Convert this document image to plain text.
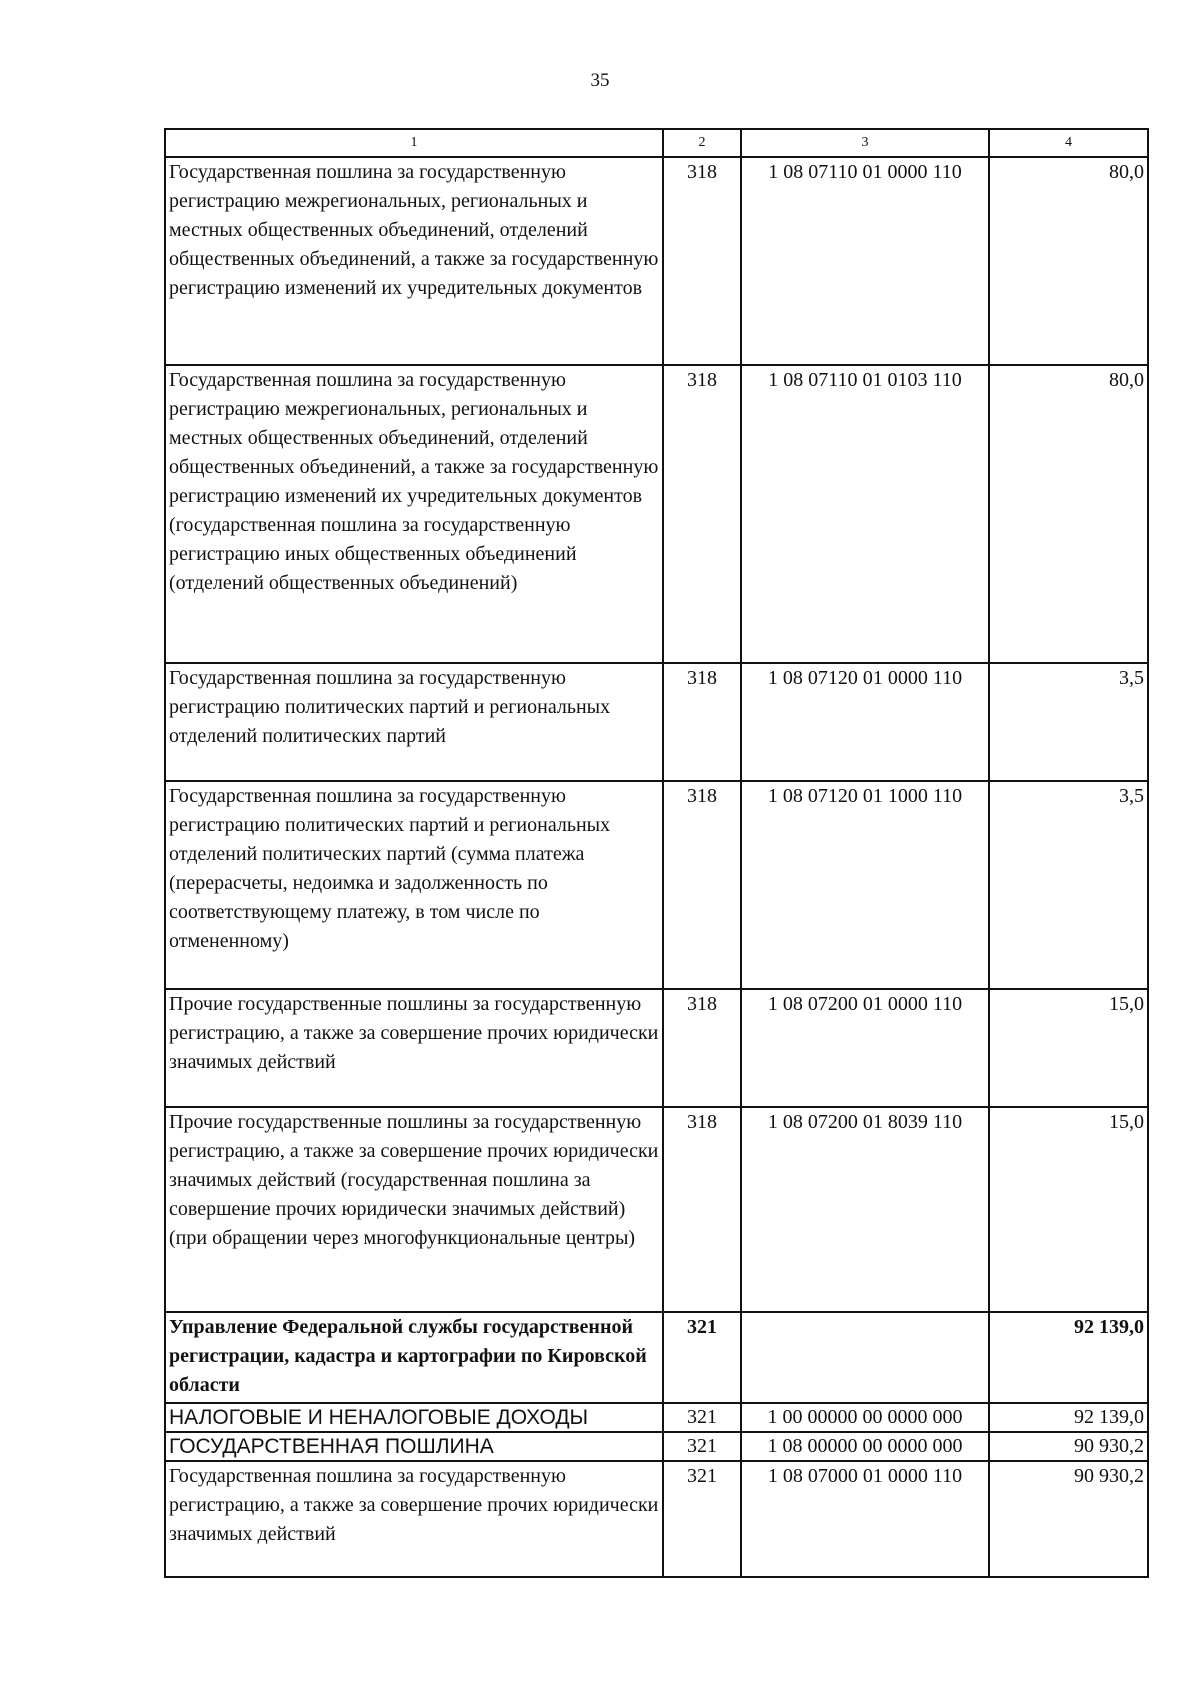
35
1	2	3	4
Государственная пошлина за государственную регистрацию межрегиональных, региональных и местных общественных объединений, отделений общественных объединений, а также за государственную регистрацию изменений их учредительных документов	318	1 08 07110 01 0000 110	80,0
Государственная пошлина за государственную регистрацию межрегиональных, региональных и местных общественных объединений, отделений общественных объединений, а также за государственную регистрацию изменений их учредительных документов (государственная пошлина за государственную регистрацию иных общественных объединений (отделений общественных объединений)	318	1 08 07110 01 0103 110	80,0
Государственная пошлина за государственную регистрацию политических партий и региональных отделений политических партий	318	1 08 07120 01 0000 110	3,5
Государственная пошлина за государственную регистрацию политических партий и региональных отделений политических партий (сумма платежа (перерасчеты, недоимка и задолженность по соответствующему платежу, в том числе по отмененному)	318	1 08 07120 01 1000 110	3,5
Прочие государственные пошлины за государственную регистрацию, а также за совершение прочих юридически значимых действий	318	1 08 07200 01 0000 110	15,0
Прочие государственные пошлины за государственную регистрацию, а также за совершение прочих юридически значимых действий (государственная пошлина за совершение прочих юридически значимых действий) (при обращении через многофункциональные центры)	318	1 08 07200 01 8039 110	15,0
Управление Федеральной службы государственной регистрации, кадастра и картографии по Кировской области	321		92 139,0
НАЛОГОВЫЕ И НЕНАЛОГОВЫЕ ДОХОДЫ	321	1 00 00000 00 0000 000	92 139,0
ГОСУДАРСТВЕННАЯ ПОШЛИНА	321	1 08 00000 00 0000 000	90 930,2
Государственная пошлина за государственную регистрацию, а также за совершение прочих юридически значимых действий	321	1 08 07000 01 0000 110	90 930,2
